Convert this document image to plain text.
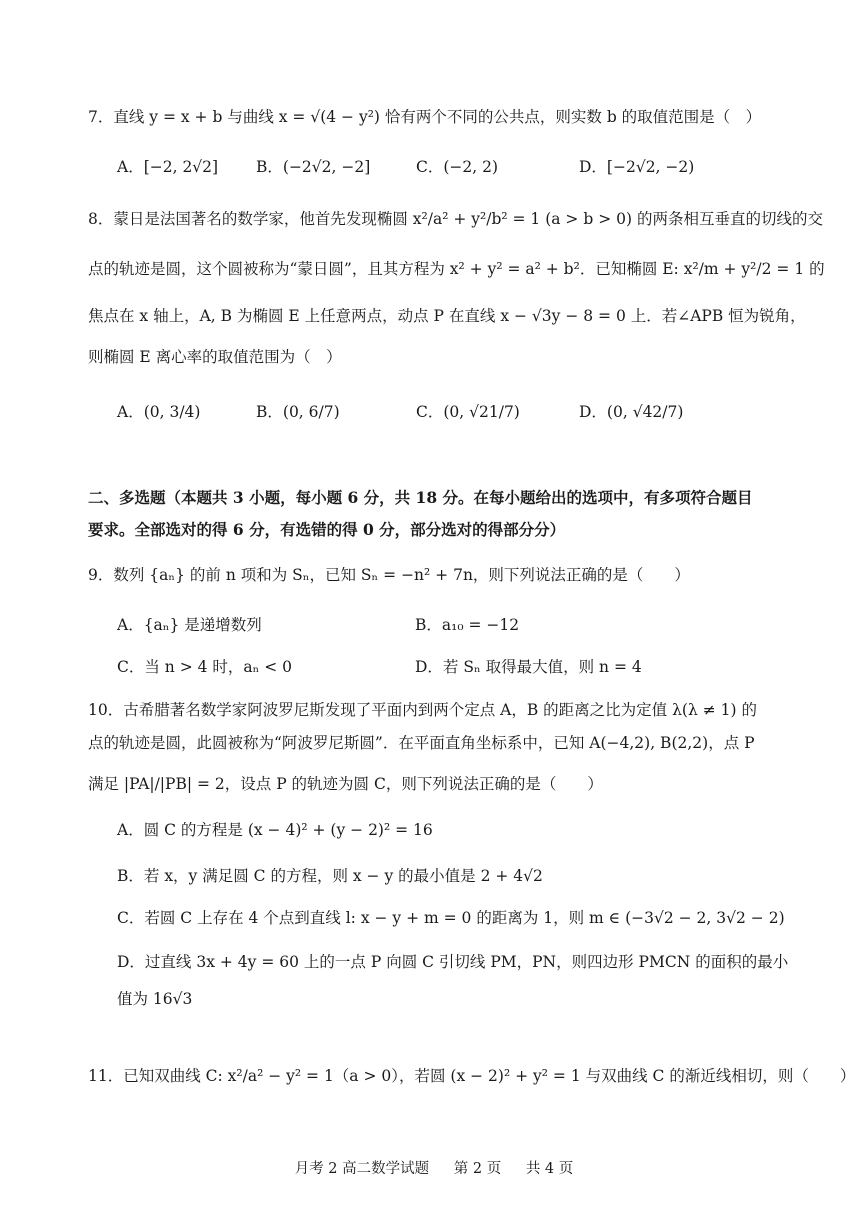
7．直线 y = x + b 与曲线 x = √(4 − y²) 恰有两个不同的公共点，则实数 b 的取值范围是（　）
A．[−2, 2√2] B．(−2√2, −2]	C．(−2, 2)	D．[−2√2, −2)
8．蒙日是法国著名的数学家，他首先发现椭圆 x²/a² + y²/b² = 1 (a > b > 0) 的两条相互垂直的切线的交
点的轨迹是圆，这个圆被称为“蒙日圆”，且其方程为 x² + y² = a² + b²．已知椭圆 E: x²/m + y²/2 = 1 的
焦点在 x 轴上，A, B 为椭圆 E 上任意两点，动点 P 在直线 x − √3y − 8 = 0 上．若∠APB 恒为锐角，
则椭圆 E 离心率的取值范围为（　）
A．(0, 3/4)	B．(0, 6/7)	C．(0, √21/7)	D．(0, √42/7)
二、多选题（本题共 3 小题，每小题 6 分，共 18 分。在每小题给出的选项中，有多项符合题目
要求。全部选对的得 6 分，有选错的得 0 分，部分选对的得部分分）
9．数列 {aₙ} 的前 n 项和为 Sₙ，已知 Sₙ = −n² + 7n，则下列说法正确的是（　　）
A．{aₙ} 是递增数列	B．a₁₀ = −12
C．当 n > 4 时，aₙ < 0	D．若 Sₙ 取得最大值，则 n = 4
10．古希腊著名数学家阿波罗尼斯发现了平面内到两个定点 A，B 的距离之比为定值 λ(λ ≠ 1) 的
点的轨迹是圆，此圆被称为“阿波罗尼斯圆”．在平面直角坐标系中，已知 A(−4,2), B(2,2)，点 P
满足 |PA|/|PB| = 2，设点 P 的轨迹为圆 C，则下列说法正确的是（　　）
A．圆 C 的方程是 (x − 4)² + (y − 2)² = 16
B．若 x，y 满足圆 C 的方程，则 x − y 的最小值是 2 + 4√2
C．若圆 C 上存在 4 个点到直线 l: x − y + m = 0 的距离为 1，则 m ∈ (−3√2 − 2, 3√2 − 2)
D．过直线 3x + 4y = 60 上的一点 P 向圆 C 引切线 PM，PN，则四边形 PMCN 的面积的最小
值为 16√3
11．已知双曲线 C: x²/a² − y² = 1（a > 0），若圆 (x − 2)² + y² = 1 与双曲线 C 的渐近线相切，则（　　）
月考 2 高二数学试题 第 2 页 共 4 页
